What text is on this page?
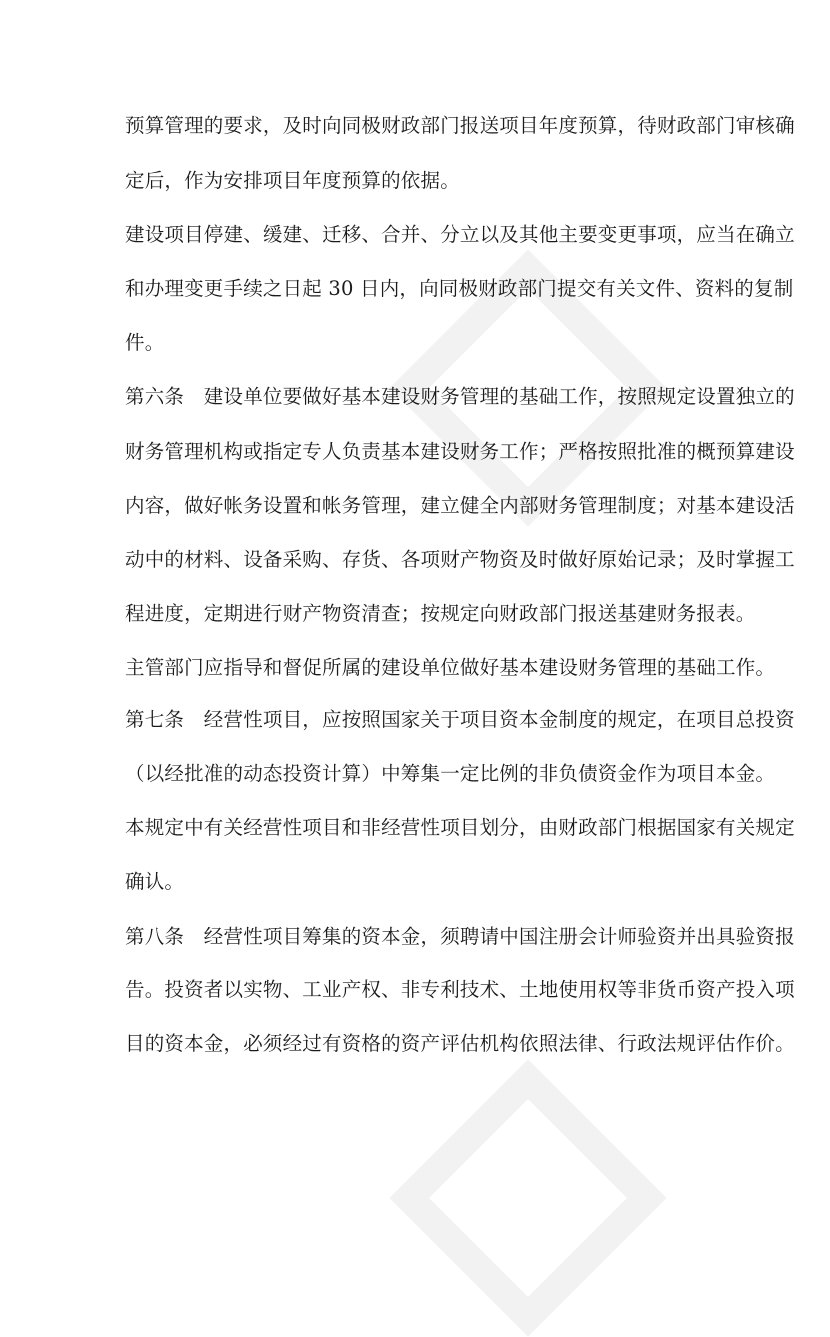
预算管理的要求，及时向同极财政部门报送项目年度预算，待财政部门审核确
定后，作为安排项目年度预算的依据。
建设项目停建、缓建、迁移、合并、分立以及其他主要变更事项，应当在确立
和办理变更手续之日起 30 日内，向同极财政部门提交有关文件、资料的复制
件。
第六条　建设单位要做好基本建设财务管理的基础工作，按照规定设置独立的
财务管理机构或指定专人负责基本建设财务工作；严格按照批准的概预算建设
内容，做好帐务设置和帐务管理，建立健全内部财务管理制度；对基本建设活
动中的材料、设备采购、存货、各项财产物资及时做好原始记录；及时掌握工
程进度，定期进行财产物资清查；按规定向财政部门报送基建财务报表。
主管部门应指导和督促所属的建设单位做好基本建设财务管理的基础工作。
第七条　经营性项目，应按照国家关于项目资本金制度的规定，在项目总投资
（以经批准的动态投资计算）中筹集一定比例的非负债资金作为项目本金。
本规定中有关经营性项目和非经营性项目划分，由财政部门根据国家有关规定
确认。
第八条　经营性项目筹集的资本金，须聘请中国注册会计师验资并出具验资报
告。投资者以实物、工业产权、非专利技术、土地使用权等非货币资产投入项
目的资本金，必须经过有资格的资产评估机构依照法律、行政法规评估作价。
